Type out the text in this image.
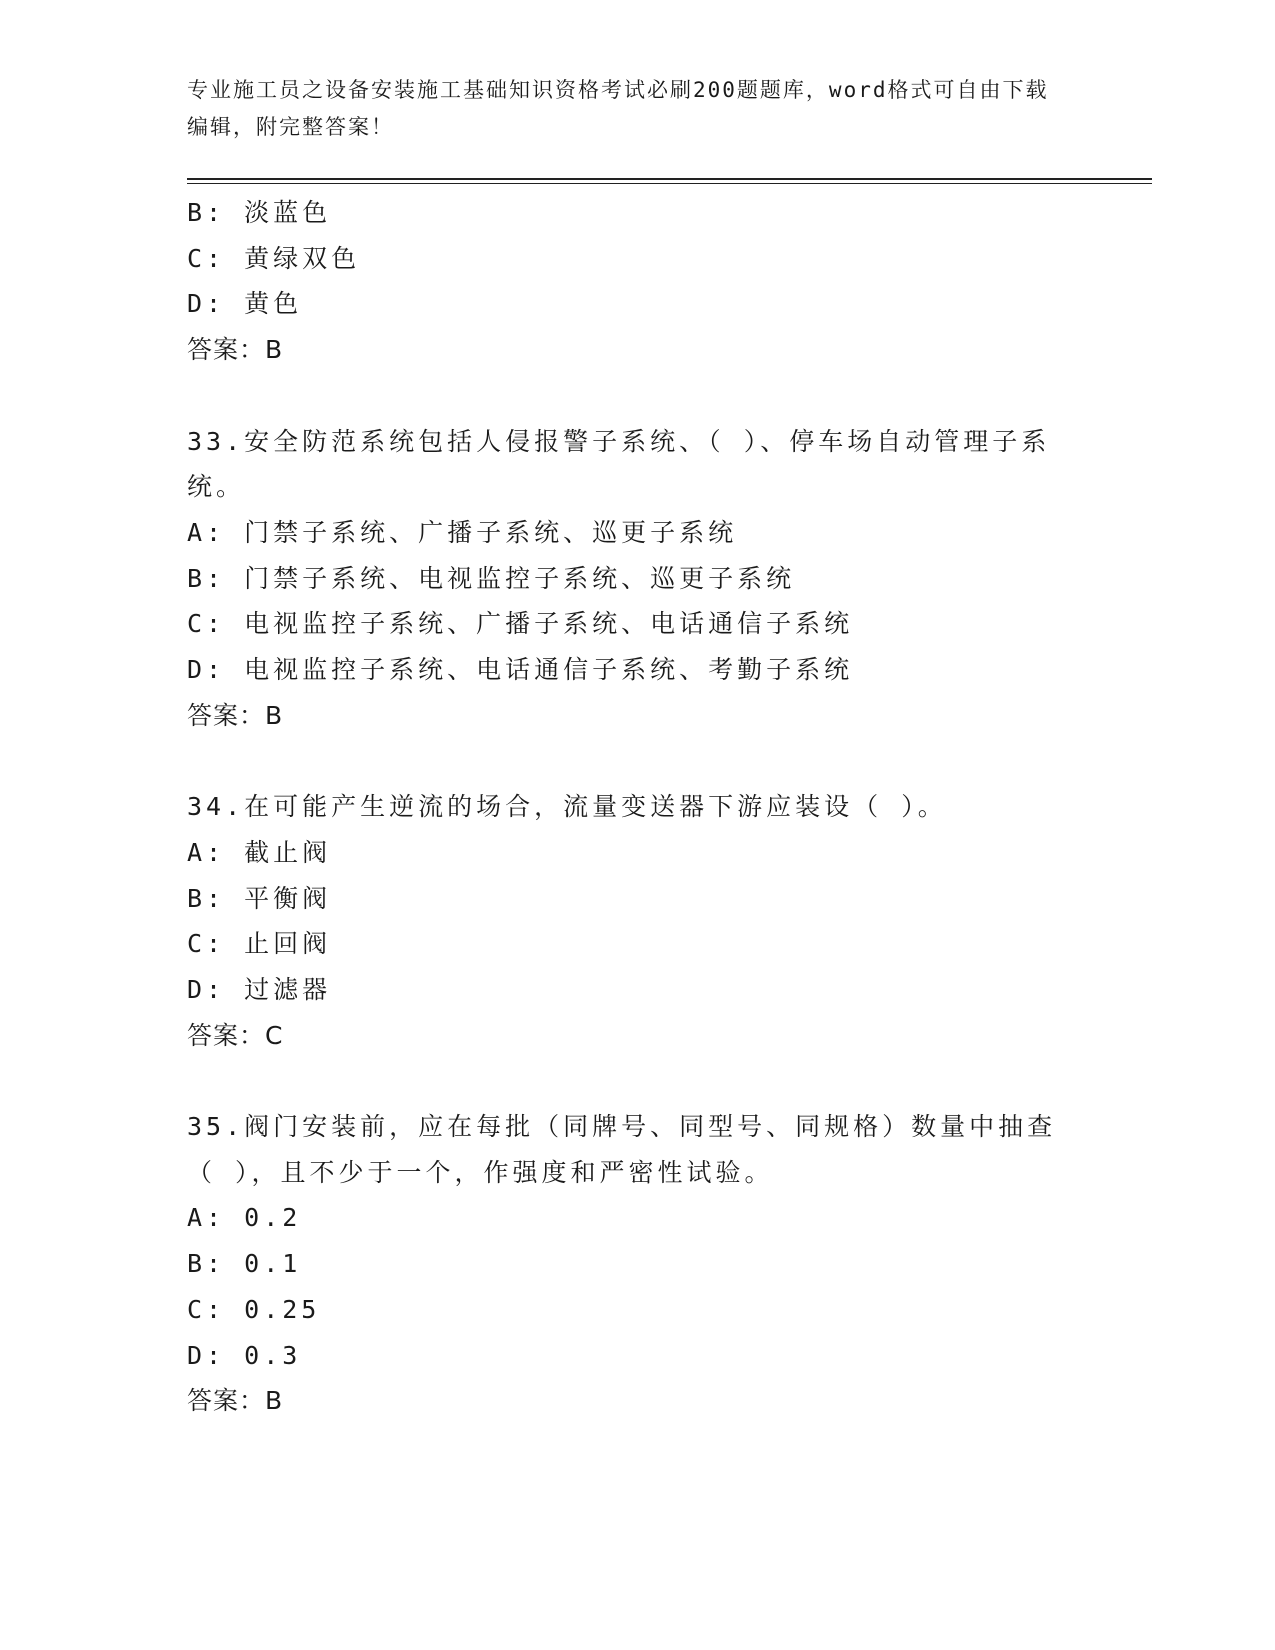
专业施工员之设备安装施工基础知识资格考试必刷200题题库，word格式可自由下载编辑，附完整答案！
B: 淡蓝色
C: 黄绿双色
D: 黄色
答案：B
33.安全防范系统包括人侵报警子系统、（ ）、停车场自动管理子系统。
A: 门禁子系统、广播子系统、巡更子系统
B: 门禁子系统、电视监控子系统、巡更子系统
C: 电视监控子系统、广播子系统、电话通信子系统
D: 电视监控子系统、电话通信子系统、考勤子系统
答案：B
34.在可能产生逆流的场合，流量变送器下游应装设（ ）。
A: 截止阀
B: 平衡阀
C: 止回阀
D: 过滤器
答案：C
35.阀门安装前，应在每批（同牌号、同型号、同规格）数量中抽查（ ），且不少于一个，作强度和严密性试验。
A: 0.2
B: 0.1
C: 0.25
D: 0.3
答案：B
